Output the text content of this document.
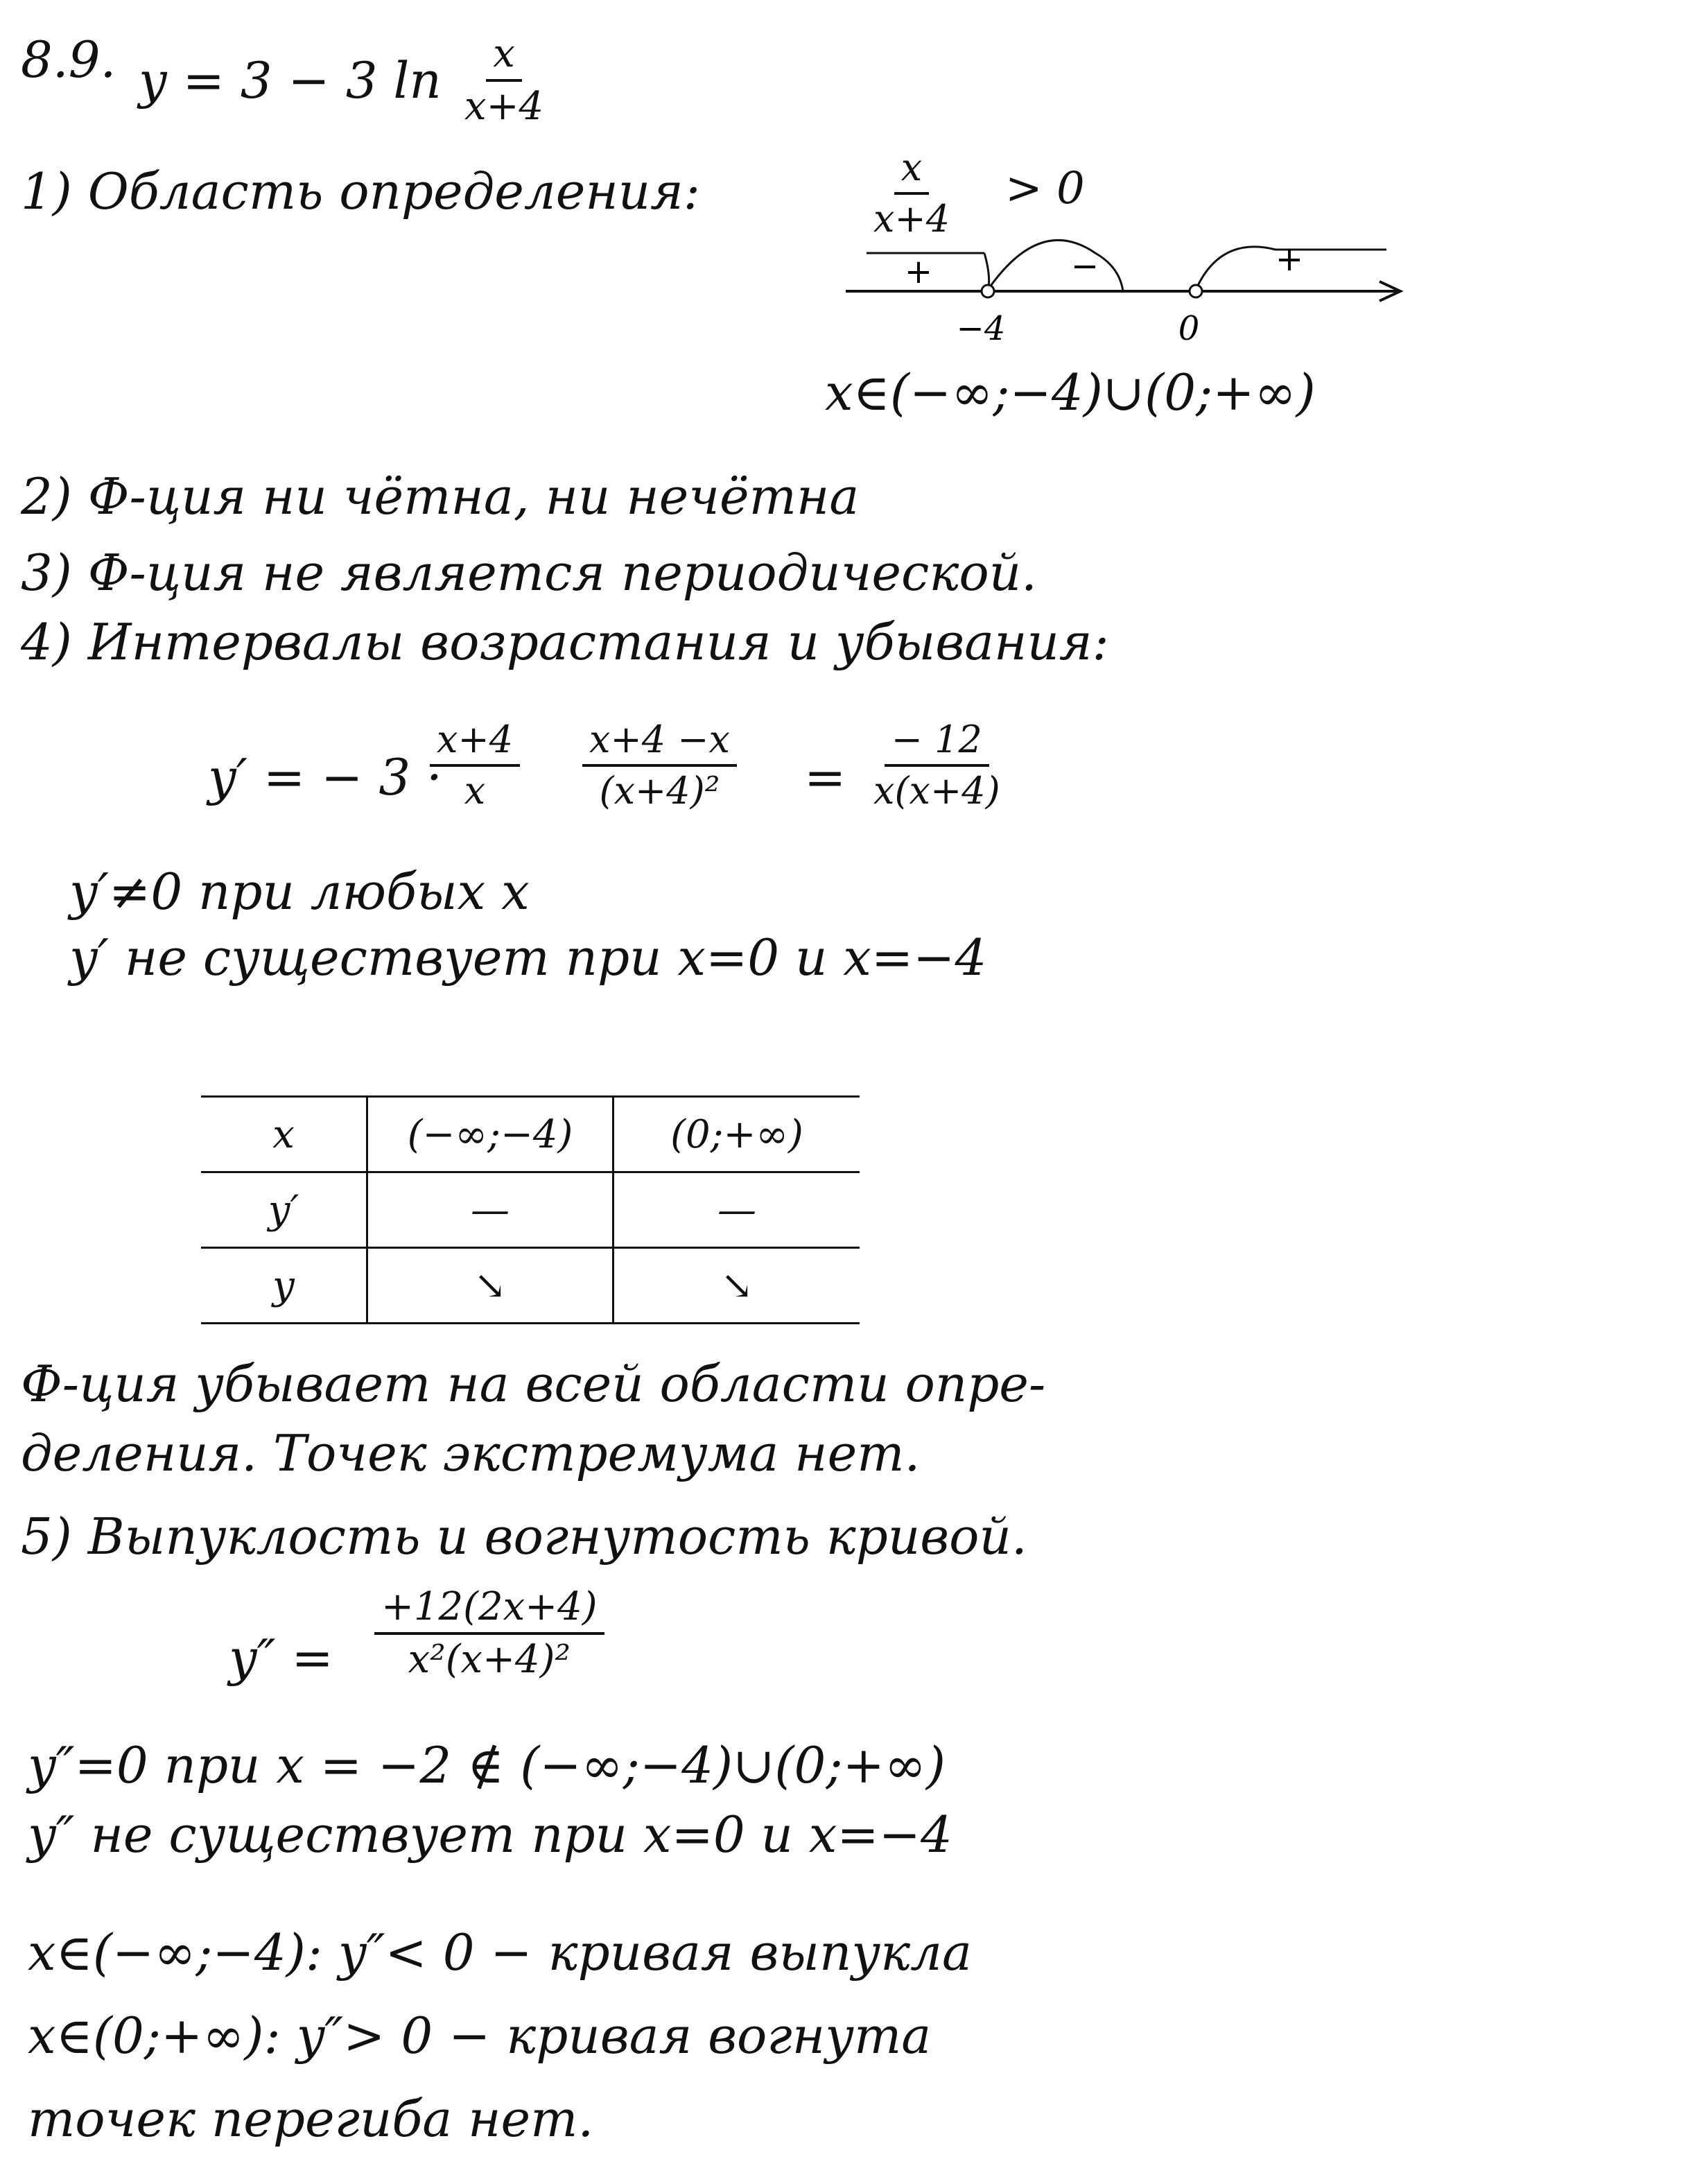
8.9. y = 3 − 3 $\ln \frac{x}{x+4}$
1) Область определения:	$\frac{x}{x+4} > 0$
+	−	+
−4	0
x∈(−∞;−4)∪(0;+∞)
2) Ф-ция ни чётна, ни нечётна
3) Ф-ция не является периодической.
4) Интервалы возрастания и убывания:
y′ = − 3 ·
$\frac{x+4}{x} \frac{x+4 -x}{\text{(x+4)²}} = \frac{- 12}{x(x+4)}$
y′≠0 при любых x
y′ не существует при x=0 и x=−4
x	(−∞;−4)	(0;+∞)
y′	—	—
y	↘	↘
Ф-ция убывает на всей области опре-
деления. Точек экстремума нет.
5) Выпуклость и вогнутость кривой.
$y'' = \frac{+12(2x+4)}{\text{x²(x+4)²}}$
y″=0 при x = −2 ∉ (−∞;−4)∪(0;+∞)
y″ не существует при x=0 и x=−4
x∈(−∞;−4): y″< 0 − кривая выпукла
x∈(0;+∞): y″> 0 − кривая вогнута
точек перегиба нет.
